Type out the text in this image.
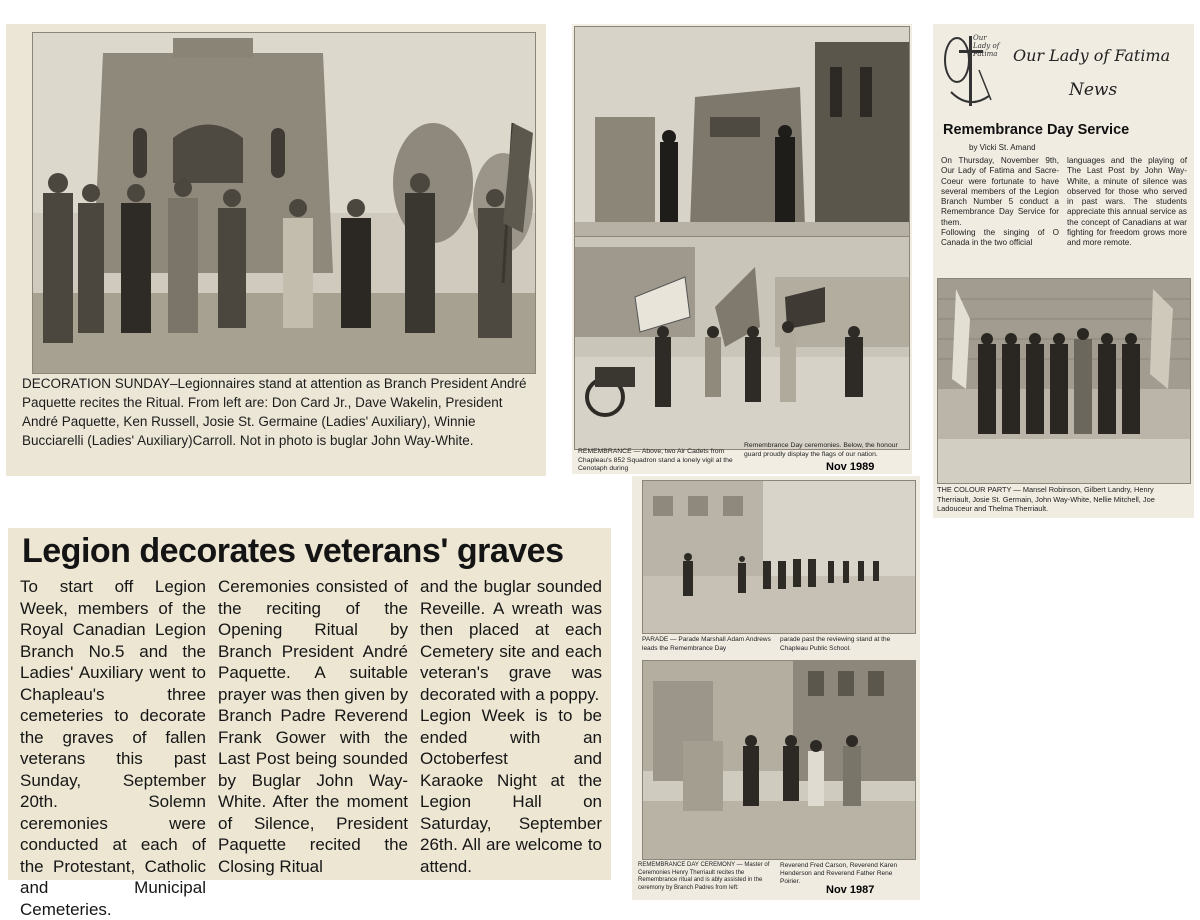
DECORATION SUNDAY–Legionnaires stand at attention as Branch President André Paquette recites the Ritual. From left are: Don Card Jr., Dave Wakelin, President André Paquette, Ken Russell, Josie St. Germaine (Ladies' Auxiliary), Winnie Bucciarelli (Ladies' Auxiliary)Carroll. Not in photo is buglar John Way-White.
REMEMBRANCE — Above, two Air Cadets from Chapleau's 852 Squadron stand a lonely vigil at the Cenotaph during
Remembrance Day ceremonies. Below, the honour guard proudly display the flags of our nation.
Nov 1989
Our
Lady of
Fatima Our Lady of Fatima
News
Remembrance Day Service
by Vicki St. Amand
On Thursday, November 9th, Our Lady of Fatima and Sacre-Coeur were fortunate to have several members of the Legion Branch Number 5 conduct a Remembrance Day Service for them.
Following the singing of O Canada in the two official
languages and the playing of The Last Post by John Way-White, a minute of silence was observed for those who served in past wars. The students appreciate this annual service as the concept of Canadians at war fighting for freedom grows more and more remote.
THE COLOUR PARTY — Mansel Robinson, Gilbert Landry, Henry Therriault, Josie St. Germain, John Way-White, Nellie Mitchell, Joe Ladouceur and Thelma Therriault.
Legion decorates veterans' graves
To start off Legion Week, members of the Royal Canadian Legion Branch No.5 and the Ladies' Auxiliary went to Chapleau's three cemeteries to decorate the graves of fallen veterans this past Sunday, September 20th. Solemn ceremonies were conducted at each of the Protestant, Catholic and Municipal Cemeteries.
Ceremonies consisted of the reciting of the Opening Ritual by Branch President André Paquette. A suitable prayer was then given by Branch Padre Reverend Frank Gower with the Last Post being sounded by Buglar John Way-White. After the moment of Silence, President Paquette recited the Closing Ritual
and the buglar sounded Reveille. A wreath was then placed at each Cemetery site and each veteran's grave was decorated with a poppy.
Legion Week is to be ended with an Octoberfest and Karaoke Night at the Legion Hall on Saturday, September 26th. All are welcome to attend.
PARADE — Parade Marshall Adam Andrews leads the Remembrance Day
parade past the reviewing stand at the Chapleau Public School.
REMEMBRANCE DAY CEREMONY — Master of Ceremonies Henry Therriault recites the Remembrance ritual and is ably assisted in the ceremony by Branch Padres from left:
Reverend Fred Carson, Reverend Karen Henderson and Reverend Father Rene Poirier.
Nov 1987
